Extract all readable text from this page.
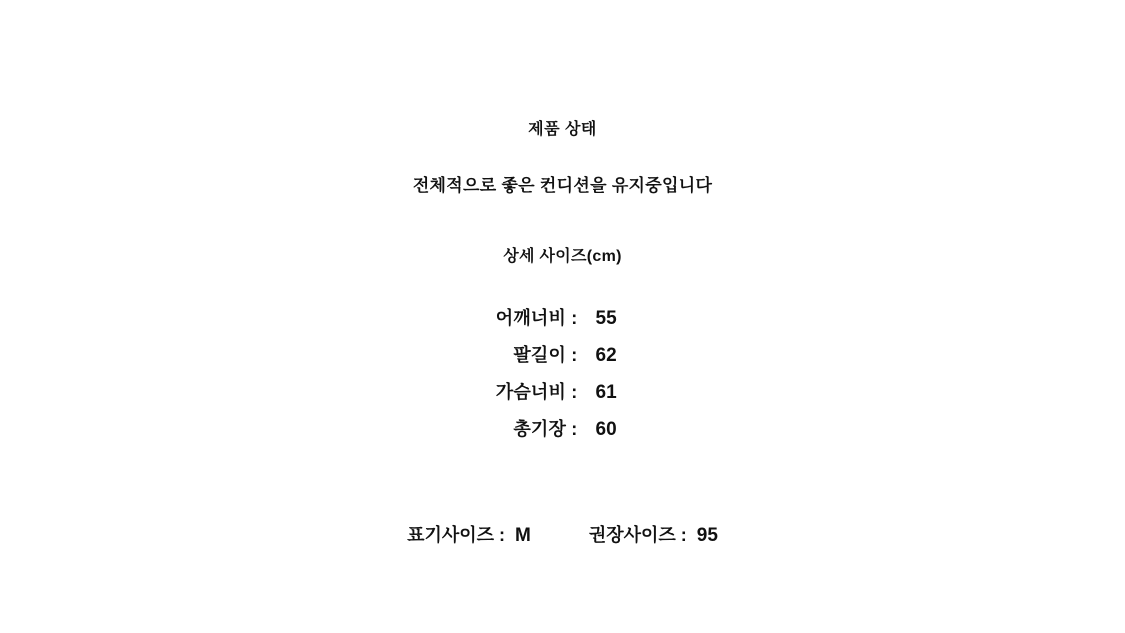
제품 상태
전체적으로 좋은 컨디션을 유지중입니다
상세 사이즈(cm)
어깨너비 : 55
팔길이 : 62
가슴너비 : 61
총기장 : 60
표기사이즈 : M	권장사이즈 : 95
